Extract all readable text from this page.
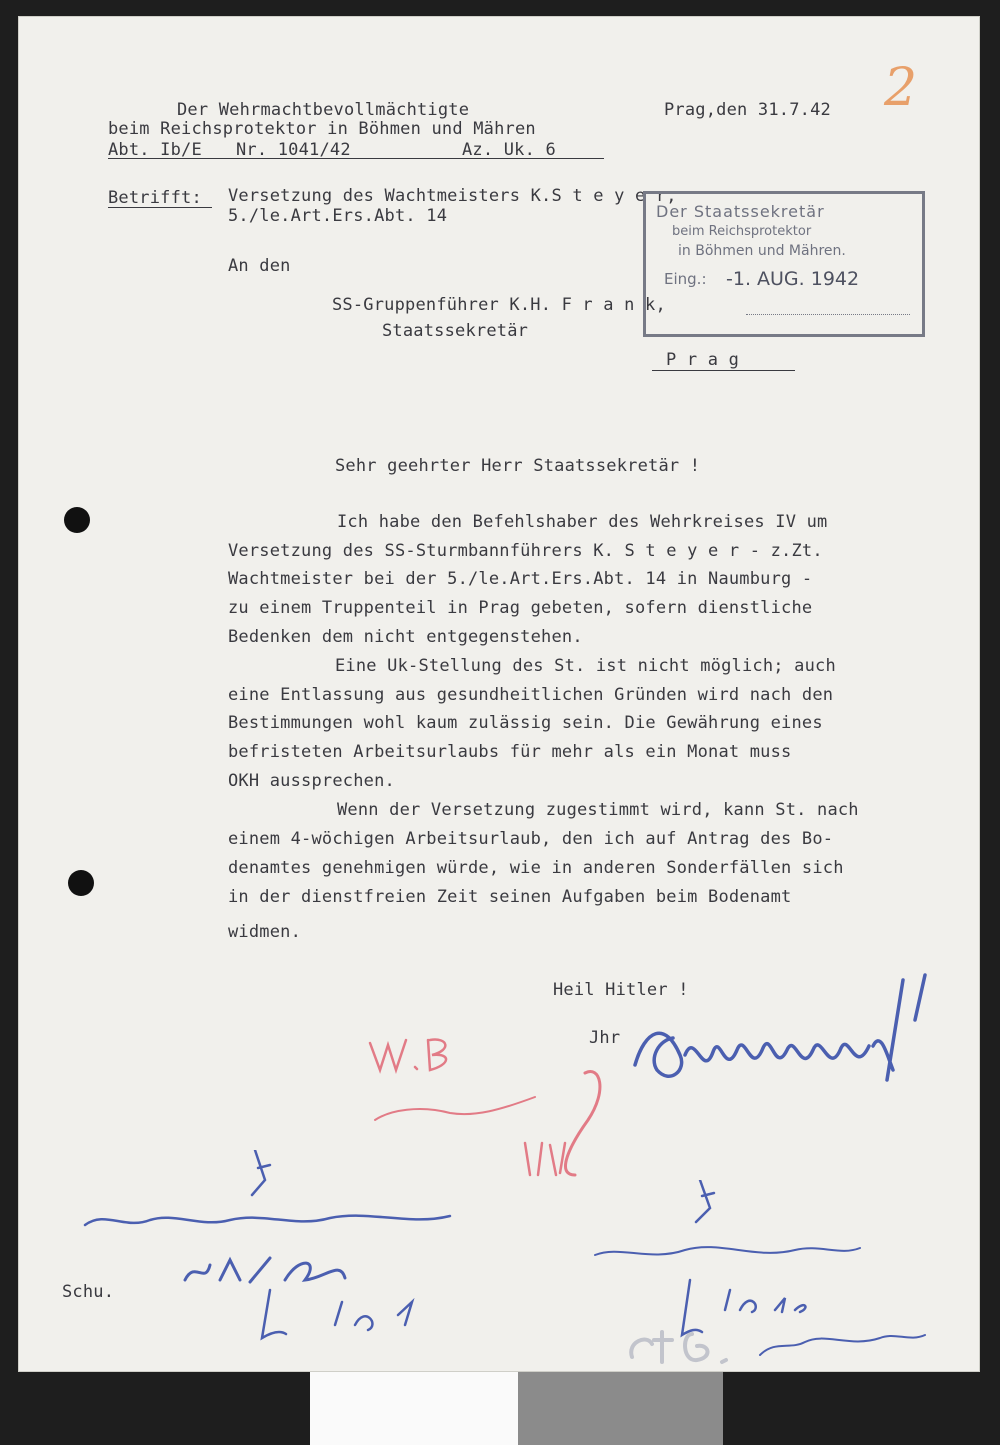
2
Der Wehrmachtbevollmächtigte
beim Reichsprotektor in Böhmen und Mähren
Abt. Ib/E Nr. 1041/42	Az. Uk. 6
Prag,den 31.7.42
Betrifft: Versetzung des Wachtmeisters K.S t e y e r,
5./le.Art.Ers.Abt. 14	Der Staatssekretär
beim Reichsprotektor
in Böhmen und Mähren.
Eing.: -1. AUG. 1942
An den
SS-Gruppenführer K.H. F r a n k,
Staatssekretär
P r a g
Sehr geehrter Herr Staatssekretär !
Ich habe den Befehlshaber des Wehrkreises IV um
Versetzung des SS-Sturmbannführers K. S t e y e r - z.Zt.
Wachtmeister bei der 5./le.Art.Ers.Abt. 14 in Naumburg -
zu einem Truppenteil in Prag gebeten, sofern dienstliche
Bedenken dem nicht entgegenstehen.
Eine Uk-Stellung des St. ist nicht möglich; auch
eine Entlassung aus gesundheitlichen Gründen wird nach den
Bestimmungen wohl kaum zulässig sein. Die Gewährung eines
befristeten Arbeitsurlaubs für mehr als ein Monat muss
OKH aussprechen.
Wenn der Versetzung zugestimmt wird, kann St. nach
einem 4-wöchigen Arbeitsurlaub, den ich auf Antrag des Bo-
denamtes genehmigen würde, wie in anderen Sonderfällen sich
in der dienstfreien Zeit seinen Aufgaben beim Bodenamt
widmen.
Heil Hitler !
Jhr
Schu.
